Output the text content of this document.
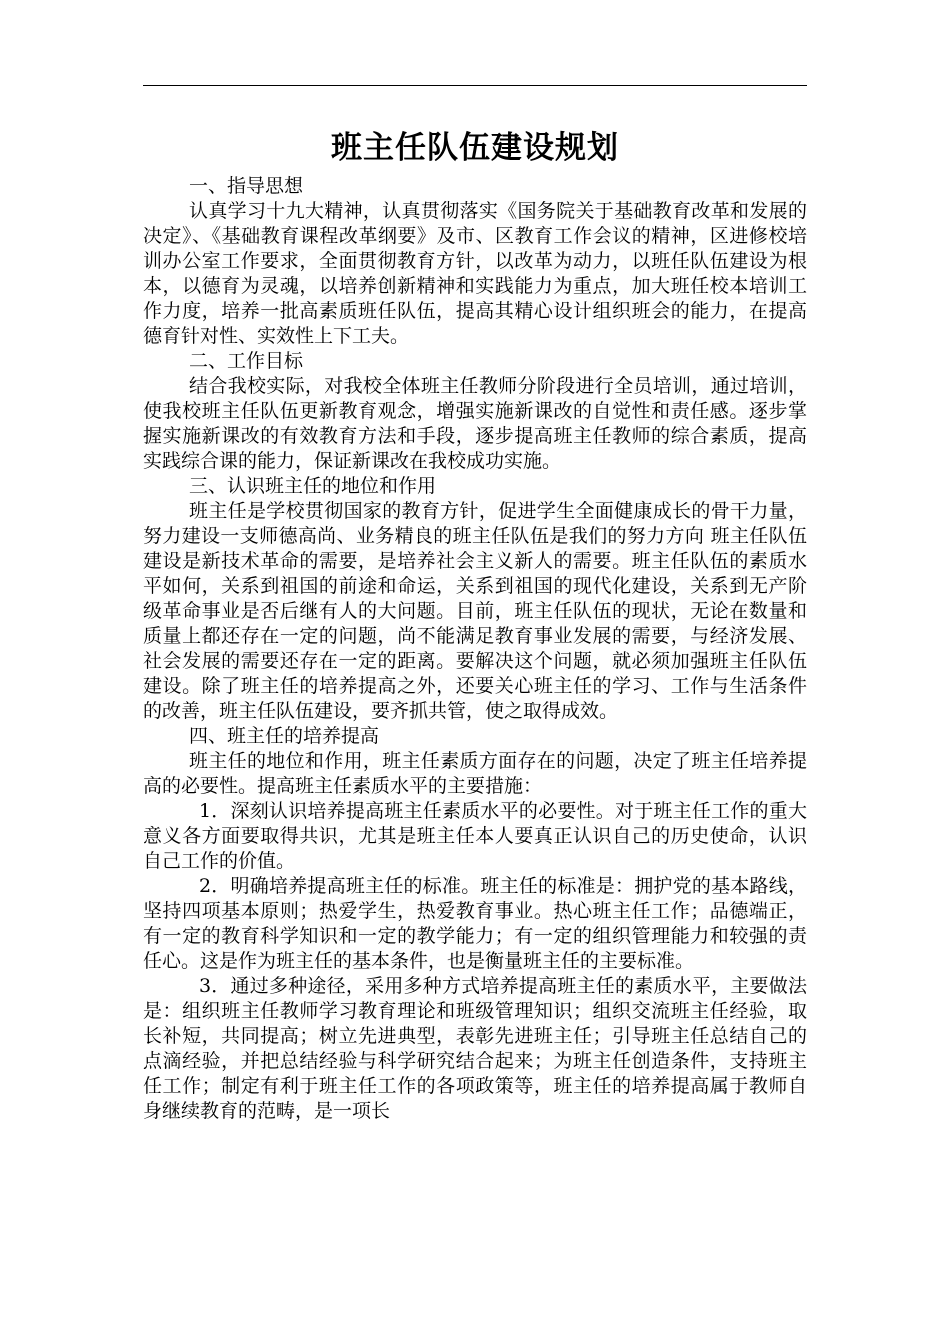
班主任队伍建设规划
一、指导思想

认真学习十九大精神，认真贯彻落实《国务院关于基础教育改革和发展的决定》、《基础教育课程改革纲要》及市、区教育工作会议的精神，区进修校培训办公室工作要求，全面贯彻教育方针，以改革为动力，以班任队伍建设为根本，以德育为灵魂，以培养创新精神和实践能力为重点，加大班任校本培训工作力度，培养一批高素质班任队伍，提高其精心设计组织班会的能力，在提高德育针对性、实效性上下工夫。

二、工作目标

结合我校实际，对我校全体班主任教师分阶段进行全员培训，通过培训，使我校班主任队伍更新教育观念，增强实施新课改的自觉性和责任感。逐步掌握实施新课改的有效教育方法和手段，逐步提高班主任教师的综合素质，提高实践综合课的能力，保证新课改在我校成功实施。

三、认识班主任的地位和作用

班主任是学校贯彻国家的教育方针，促进学生全面健康成长的骨干力量，努力建设一支师德高尚、业务精良的班主任队伍是我们的努力方向 班主任队伍建设是新技术革命的需要，是培养社会主义新人的需要。班主任队伍的素质水平如何，关系到祖国的前途和命运，关系到祖国的现代化建设，关系到无产阶级革命事业是否后继有人的大问题。目前，班主任队伍的现状，无论在数量和质量上都还存在一定的问题，尚不能满足教育事业发展的需要，与经济发展、社会发展的需要还存在一定的距离。要解决这个问题，就必须加强班主任队伍建设。除了班主任的培养提高之外，还要关心班主任的学习、工作与生活条件的改善，班主任队伍建设，要齐抓共管，使之取得成效。

四、班主任的培养提高

班主任的地位和作用，班主任素质方面存在的问题，决定了班主任培养提高的必要性。提高班主任素质水平的主要措施：

1．深刻认识培养提高班主任素质水平的必要性。对于班主任工作的重大意义各方面要取得共识，尤其是班主任本人要真正认识自己的历史使命，认识自己工作的价值。

2．明确培养提高班主任的标准。班主任的标准是：拥护党的基本路线，坚持四项基本原则；热爱学生，热爱教育事业。热心班主任工作；品德端正，有一定的教育科学知识和一定的教学能力；有一定的组织管理能力和较强的责任心。这是作为班主任的基本条件，也是衡量班主任的主要标准。

3．通过多种途径，采用多种方式培养提高班主任的素质水平，主要做法是：组织班主任教师学习教育理论和班级管理知识；组织交流班主任经验，取长补短，共同提高；树立先进典型，表彰先进班主任；引导班主任总结自己的点滴经验，并把总结经验与科学研究结合起来；为班主任创造条件，支持班主任工作；制定有利于班主任工作的各项政策等，班主任的培养提高属于教师自身继续教育的范畴，是一项长
